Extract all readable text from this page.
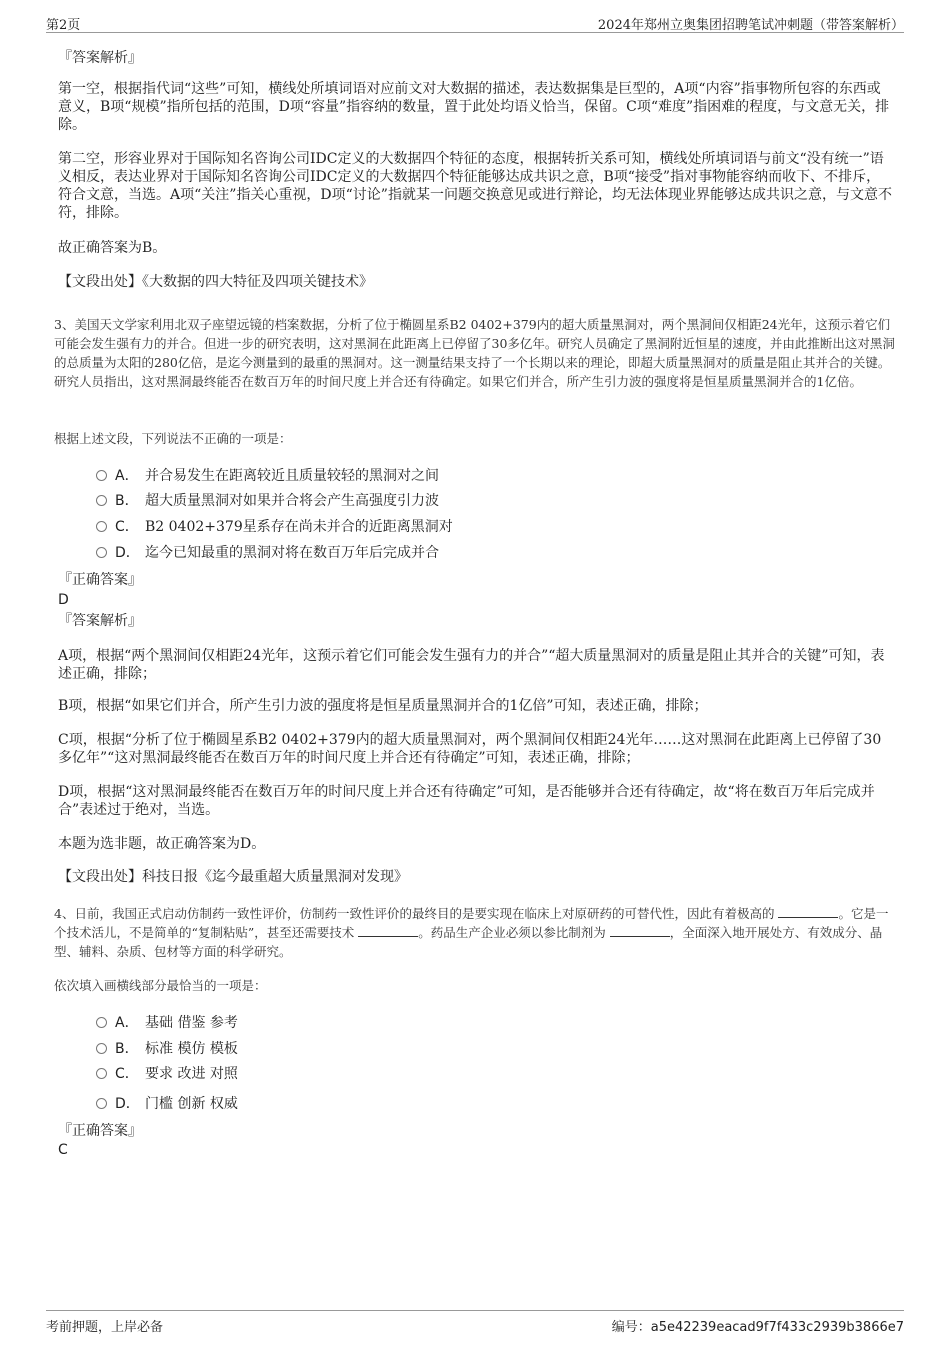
第2页	2024年郑州立奥集团招聘笔试冲刺题（带答案解析）
『答案解析』
第一空，根据指代词“这些”可知，横线处所填词语对应前文对大数据的描述，表达数据集是巨型的，A项“内容”指事物所包容的东西或意义，B项“规模”指所包括的范围，D项“容量”指容纳的数量，置于此处均语义恰当，保留。C项“难度”指困难的程度，与文意无关，排除。
第二空，形容业界对于国际知名咨询公司IDC定义的大数据四个特征的态度，根据转折关系可知，横线处所填词语与前文“没有统一”语义相反，表达业界对于国际知名咨询公司IDC定义的大数据四个特征能够达成共识之意，B项“接受”指对事物能容纳而收下、不排斥，符合文意，当选。A项“关注”指关心重视，D项“讨论”指就某一问题交换意见或进行辩论，均无法体现业界能够达成共识之意，与文意不符，排除。
故正确答案为B。
【文段出处】《大数据的四大特征及四项关键技术》
3、美国天文学家利用北双子座望远镜的档案数据，分析了位于椭圆星系B2 0402+379内的超大质量黑洞对，两个黑洞间仅相距24光年，这预示着它们可能会发生强有力的并合。但进一步的研究表明，这对黑洞在此距离上已停留了30多亿年。研究人员确定了黑洞附近恒星的速度，并由此推断出这对黑洞的总质量为太阳的280亿倍，是迄今测量到的最重的黑洞对。这一测量结果支持了一个长期以来的理论，即超大质量黑洞对的质量是阻止其并合的关键。研究人员指出，这对黑洞最终能否在数百万年的时间尺度上并合还有待确定。如果它们并合，所产生引力波的强度将是恒星质量黑洞并合的1亿倍。
根据上述文段，下列说法不正确的一项是：
A． 并合易发生在距离较近且质量较轻的黑洞对之间
B． 超大质量黑洞对如果并合将会产生高强度引力波
C． B2 0402+379星系存在尚未并合的近距离黑洞对
D． 迄今已知最重的黑洞对将在数百万年后完成并合
『正确答案』
D
『答案解析』
A项，根据“两个黑洞间仅相距24光年，这预示着它们可能会发生强有力的并合”“超大质量黑洞对的质量是阻止其并合的关键”可知，表述正确，排除；
B项，根据“如果它们并合，所产生引力波的强度将是恒星质量黑洞并合的1亿倍”可知，表述正确，排除；
C项，根据“分析了位于椭圆星系B2 0402+379内的超大质量黑洞对，两个黑洞间仅相距24光年……这对黑洞在此距离上已停留了30多亿年”“这对黑洞最终能否在数百万年的时间尺度上并合还有待确定”可知，表述正确，排除；
D项，根据“这对黑洞最终能否在数百万年的时间尺度上并合还有待确定”可知，是否能够并合还有待确定，故“将在数百万年后完成并合”表述过于绝对，当选。
本题为选非题，故正确答案为D。
【文段出处】科技日报《迄今最重超大质量黑洞对发现》
4、日前，我国正式启动仿制药一致性评价，仿制药一致性评价的最终目的是要实现在临床上对原研药的可替代性，因此有着极高的	。它是一个技术活儿，不是简单的“复制粘贴”，甚至还需要技术	。药品生产企业必须以参比制剂为	，全面深入地开展处方、有效成分、晶型、辅料、杂质、包材等方面的科学研究。
依次填入画横线部分最恰当的一项是：
A． 基础 借鉴 参考
B． 标准 模仿 模板
C． 要求 改进 对照
D． 门槛 创新 权威
『正确答案』
C
考前押题，上岸必备	编号：a5e42239eacad9f7f433c2939b3866e7
